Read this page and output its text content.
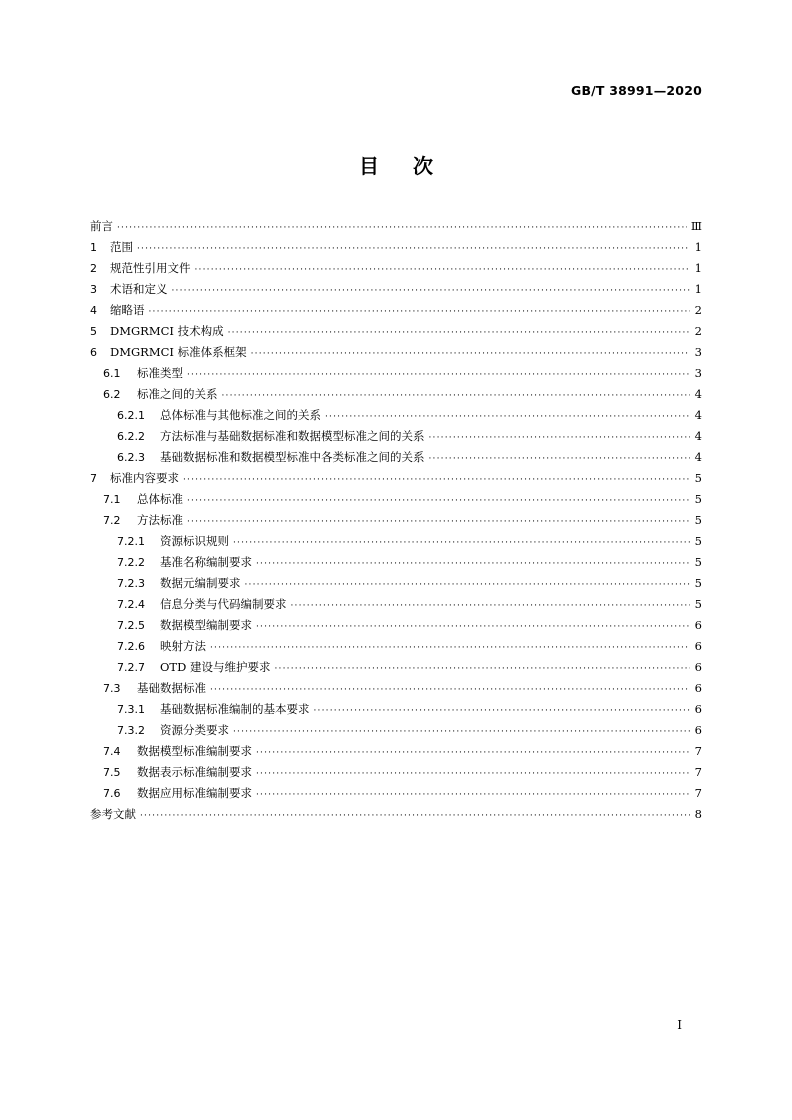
GB/T 38991—2020
目次
前言 ·····	Ⅲ
1	范围 ·····	1
2	规范性引用文件 ·····	1
3	术语和定义 ·····	1
4	缩略语 ·····	2
5	DMGRMCI 技术构成 ·····	2
6	DMGRMCI 标准体系框架 ·····	3
6.1	标准类型 ·····	3
6.2	标准之间的关系 ·····	4
6.2.1	总体标准与其他标准之间的关系 ·····	4
6.2.2	方法标准与基础数据标准和数据模型标准之间的关系 ·····	4
6.2.3	基础数据标准和数据模型标准中各类标准之间的关系 ·····	4
7	标准内容要求 ·····	5
7.1	总体标准 ·····	5
7.2	方法标准 ·····	5
7.2.1	资源标识规则 ·····	5
7.2.2	基准名称编制要求 ·····	5
7.2.3	数据元编制要求 ·····	5
7.2.4	信息分类与代码编制要求 ·····	5
7.2.5	数据模型编制要求 ·····	6
7.2.6	映射方法 ·····	6
7.2.7	OTD 建设与维护要求 ·····	6
7.3	基础数据标准 ·····	6
7.3.1	基础数据标准编制的基本要求 ·····	6
7.3.2	资源分类要求 ·····	6
7.4	数据模型标准编制要求 ·····	7
7.5	数据表示标准编制要求 ·····	7
7.6	数据应用标准编制要求 ·····	7
参考文献 ·····	8
I
